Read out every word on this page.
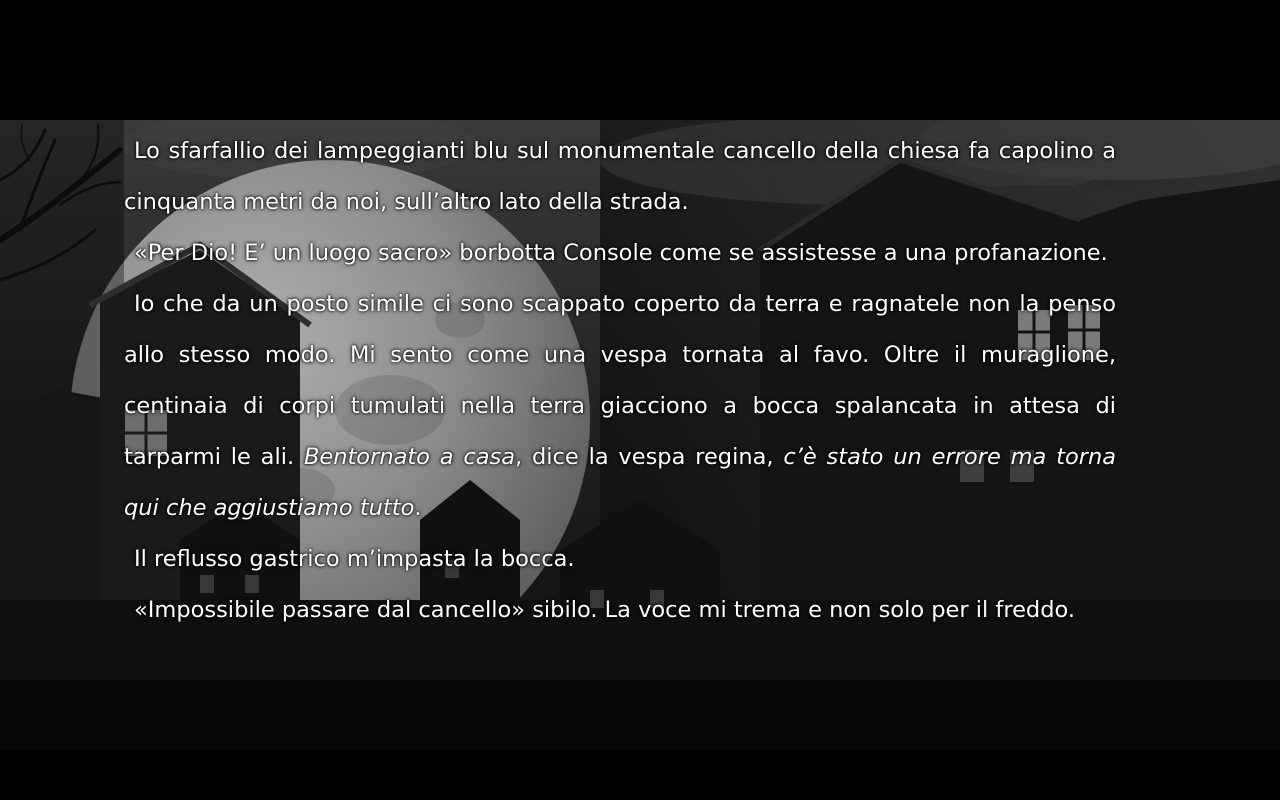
Lo sfarfallio dei lampeggianti blu sul monumentale cancello della chiesa fa capolino a cinquanta metri da noi, sull’altro lato della strada.

«Per Dio! E’ un luogo sacro» borbotta Console come se assistesse a una profanazione.

Io che da un posto simile ci sono scappato coperto da terra e ragnatele non la penso allo stesso modo. Mi sento come una vespa tornata al favo. Oltre il muraglione, centinaia di corpi tumulati nella terra giacciono a bocca spalancata in attesa di tarparmi le ali. Bentornato a casa, dice la vespa regina, c’è stato un errore ma torna qui che aggiustiamo tutto.

Il reflusso gastrico m’impasta la bocca.

«Impossibile passare dal cancello» sibilo. La voce mi trema e non solo per il freddo.
